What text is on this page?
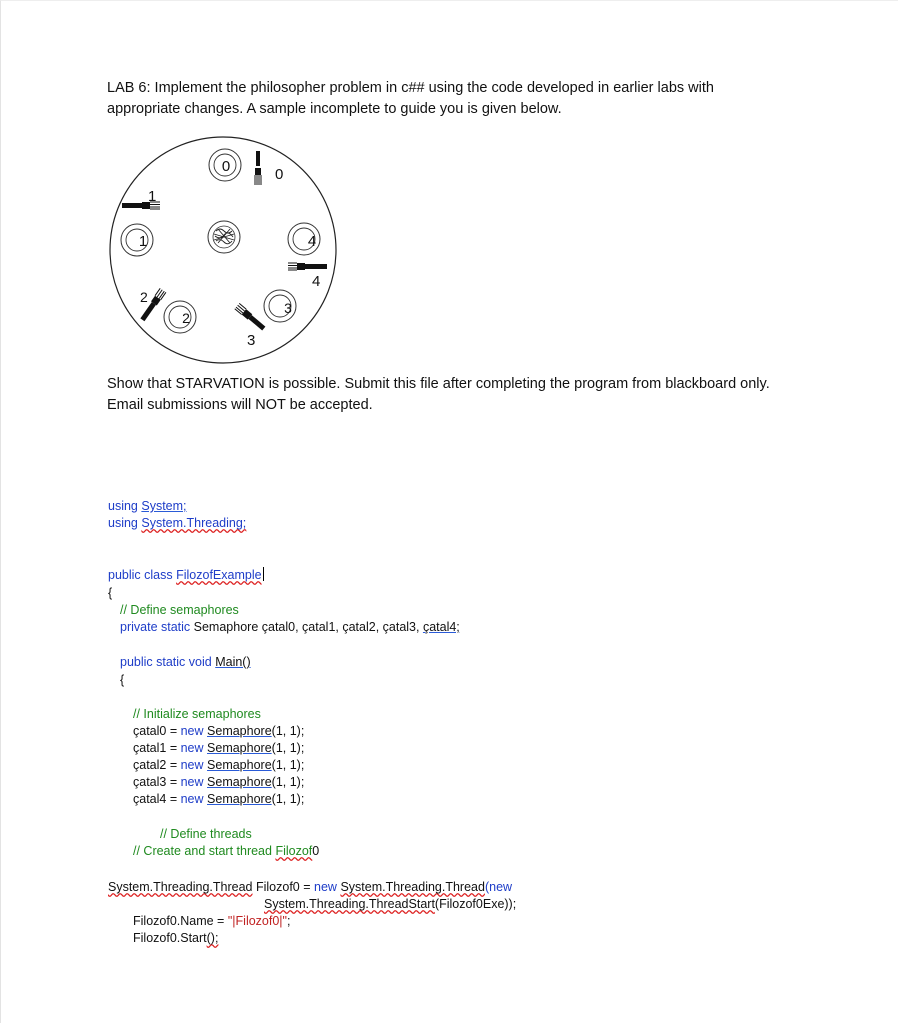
LAB 6: Implement the philosopher problem in c## using the code developed in earlier labs with
appropriate changes. A sample incomplete to guide you is given below.
0
1
2
3
4
0
1
2
3
4
Show that STARVATION is possible. Submit this file after completing the program from blackboard only.
Email submissions will NOT be accepted.
using System;
using System.Threading;
public class FilozofExample
{
// Define semaphores
private static Semaphore çatal0, çatal1, çatal2, çatal3, çatal4;
public static void Main()
{
// Initialize semaphores
çatal0 = new Semaphore(1, 1);
çatal1 = new Semaphore(1, 1);
çatal2 = new Semaphore(1, 1);
çatal3 = new Semaphore(1, 1);
çatal4 = new Semaphore(1, 1);
// Define threads
// Create and start thread Filozof0
System.Threading.Thread Filozof0 = new System.Threading.Thread(new
System.Threading.ThreadStart(Filozof0Exe));
Filozof0.Name = "|Filozof0|";
Filozof0.Start();
